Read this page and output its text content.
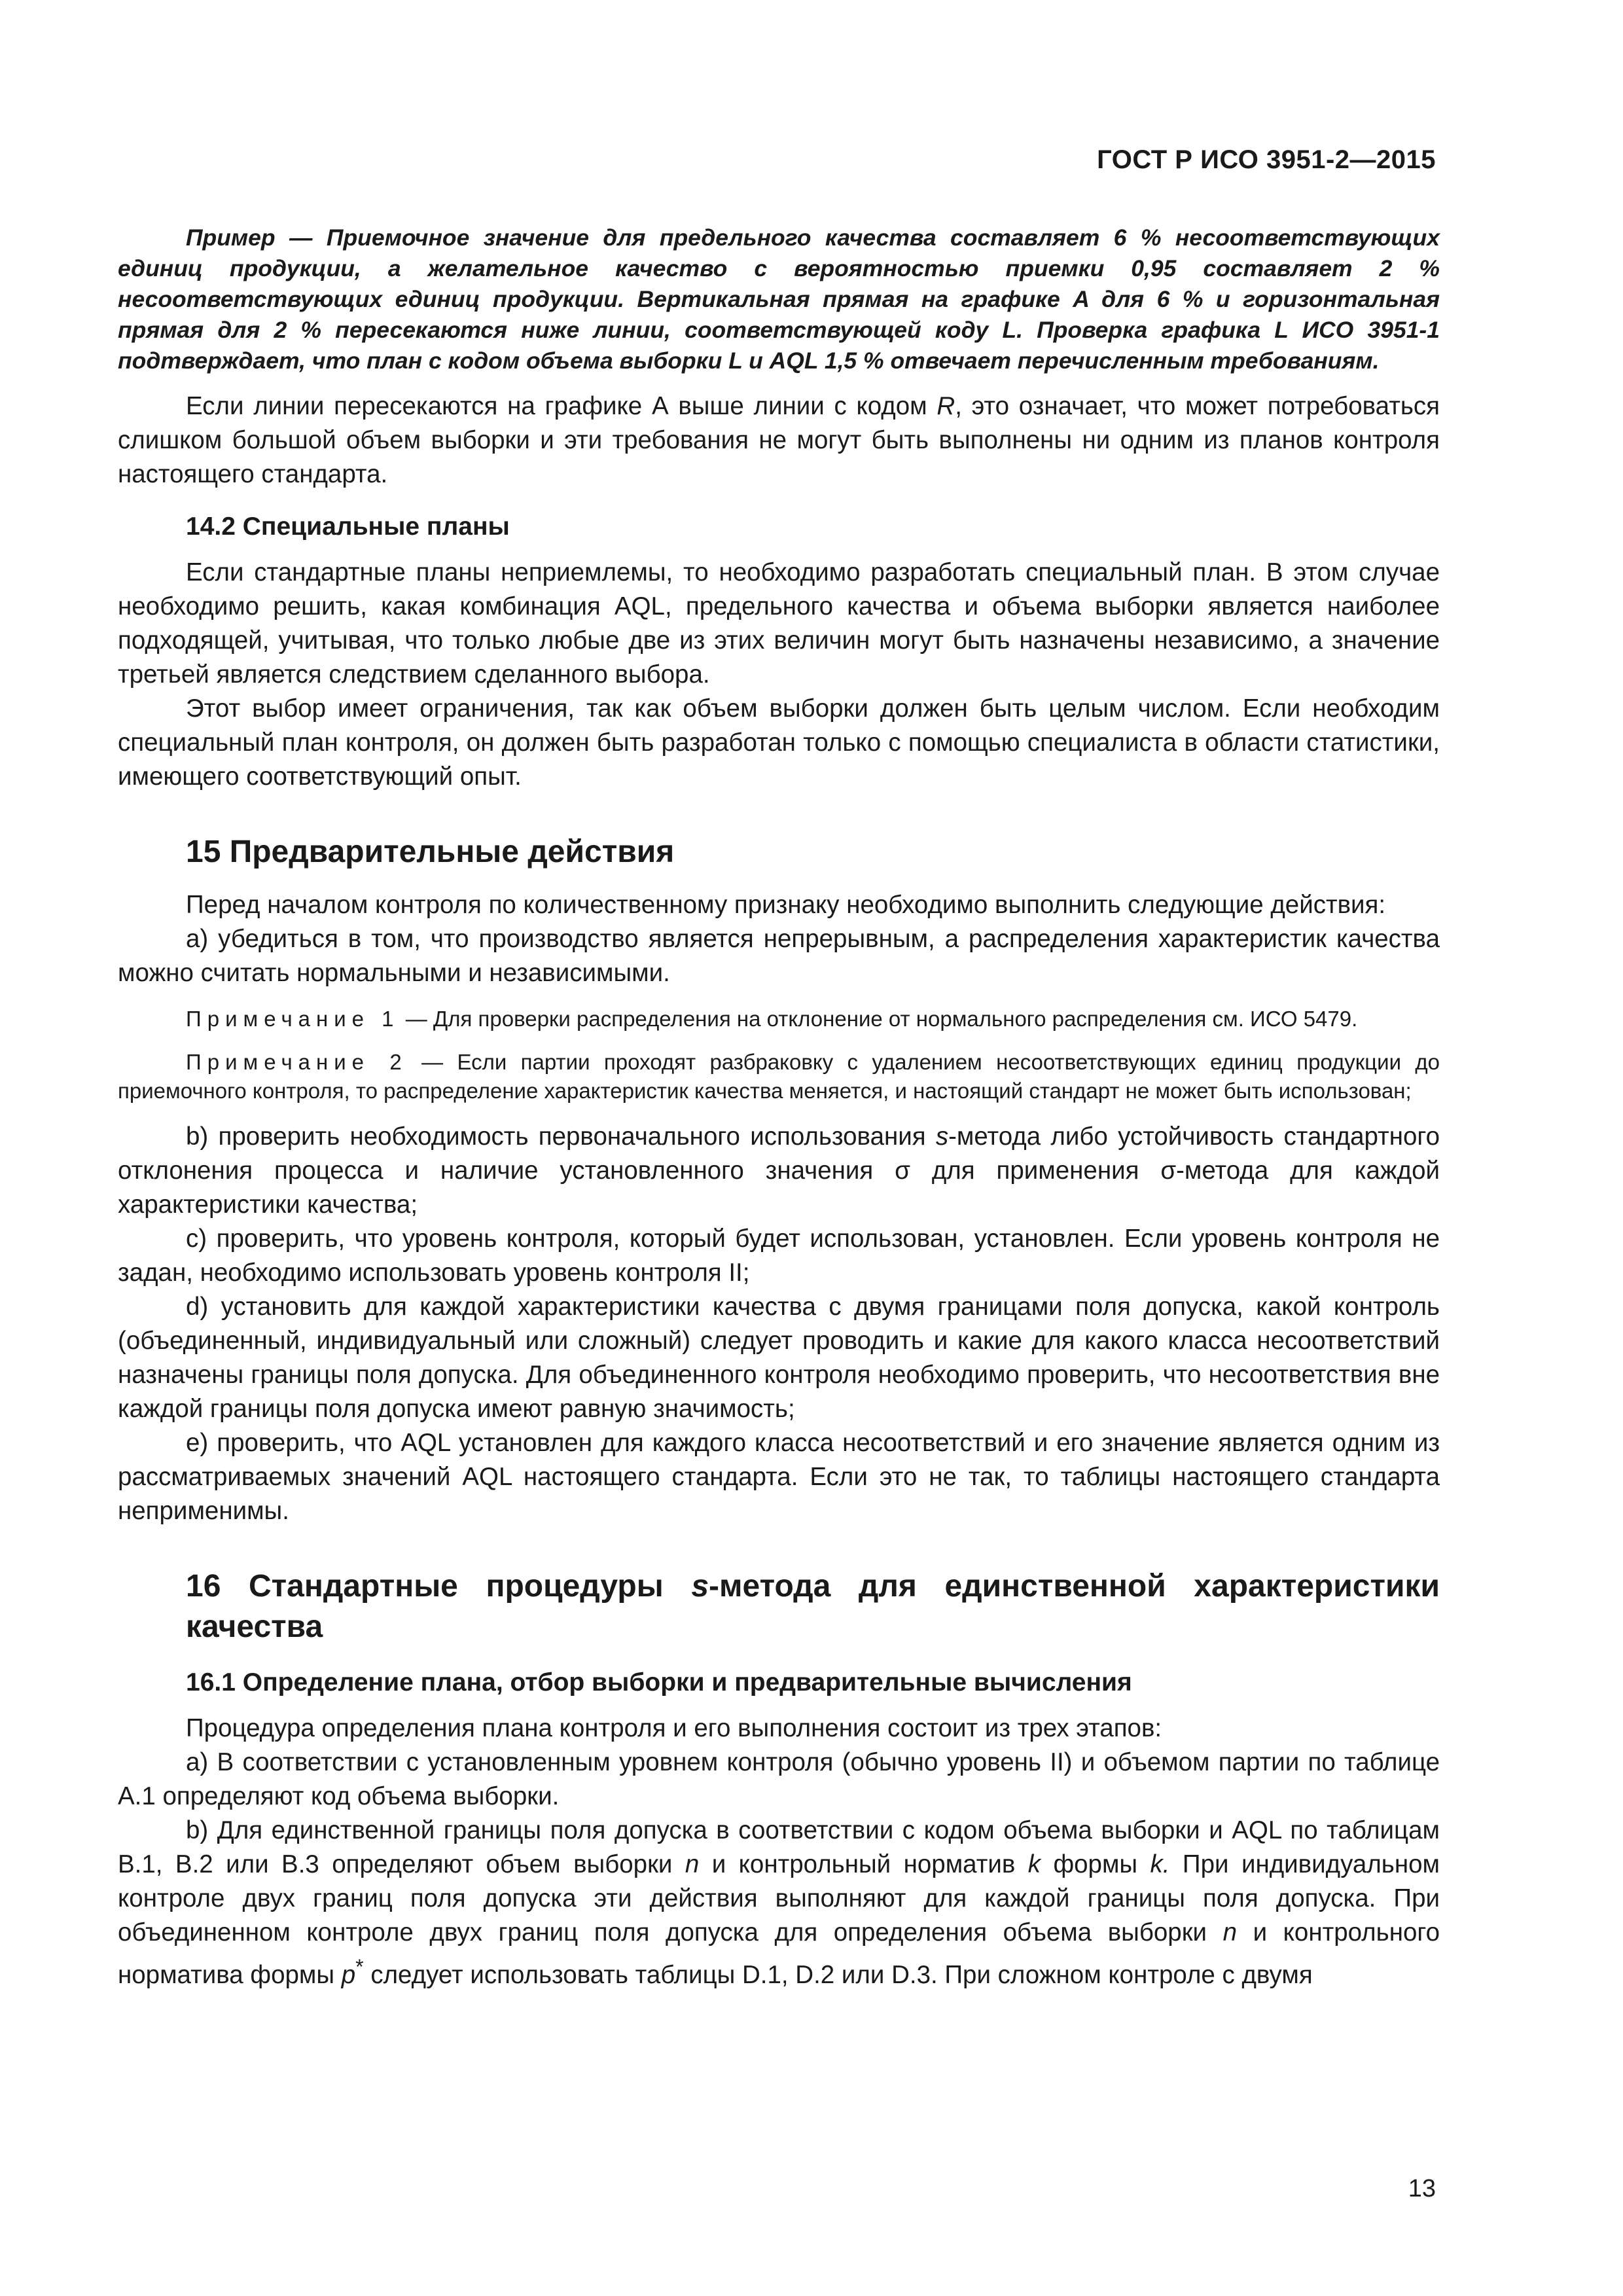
ГОСТ Р ИСО 3951-2—2015

Пример — Приемочное значение для предельного качества составляет 6 % несоответствующих единиц продукции, а желательное качество с вероятностью приемки 0,95 составляет 2 % несоответствующих единиц продукции. Вертикальная прямая на графике A для 6 % и горизонтальная прямая для 2 % пересекаются ниже линии, соответствующей коду L. Проверка графика L ИСО 3951-1 подтверждает, что план с кодом объема выборки L и AQL 1,5 % отвечает перечисленным требованиям.

Если линии пересекаются на графике А выше линии с кодом R, это означает, что может потребоваться слишком большой объем выборки и эти требования не могут быть выполнены ни одним из планов контроля настоящего стандарта.

14.2 Специальные планы

Если стандартные планы неприемлемы, то необходимо разработать специальный план. В этом случае необходимо решить, какая комбинация AQL, предельного качества и объема выборки является наиболее подходящей, учитывая, что только любые две из этих величин могут быть назначены независимо, а значение третьей является следствием сделанного выбора.

Этот выбор имеет ограничения, так как объем выборки должен быть целым числом. Если необходим специальный план контроля, он должен быть разработан только с помощью специалиста в области статистики, имеющего соответствующий опыт.

15 Предварительные действия

Перед началом контроля по количественному признаку необходимо выполнить следующие действия:

а) убедиться в том, что производство является непрерывным, а распределения характеристик качества можно считать нормальными и независимыми.

Примечание 1 — Для проверки распределения на отклонение от нормального распределения см. ИСО 5479.

Примечание 2 — Если партии проходят разбраковку с удалением несоответствующих единиц продукции до приемочного контроля, то распределение характеристик качества меняется, и настоящий стандарт не может быть использован;

b) проверить необходимость первоначального использования s-метода либо устойчивость стандартного отклонения процесса и наличие установленного значения σ для применения σ-метода для каждой характеристики качества;

c) проверить, что уровень контроля, который будет использован, установлен. Если уровень контроля не задан, необходимо использовать уровень контроля II;

d) установить для каждой характеристики качества с двумя границами поля допуска, какой контроль (объединенный, индивидуальный или сложный) следует проводить и какие для какого класса несоответствий назначены границы поля допуска. Для объединенного контроля необходимо проверить, что несоответствия вне каждой границы поля допуска имеют равную значимость;

e) проверить, что AQL установлен для каждого класса несоответствий и его значение является одним из рассматриваемых значений AQL настоящего стандарта. Если это не так, то таблицы настоящего стандарта неприменимы.

16 Стандартные процедуры s-метода для единственной характеристики качества

16.1 Определение плана, отбор выборки и предварительные вычисления

Процедура определения плана контроля и его выполнения состоит из трех этапов:

а) В соответствии с установленным уровнем контроля (обычно уровень II) и объемом партии по таблице А.1 определяют код объема выборки.

b) Для единственной границы поля допуска в соответствии с кодом объема выборки и AQL по таблицам В.1, В.2 или В.3 определяют объем выборки n и контрольный норматив k формы k. При индивидуальном контроле двух границ поля допуска эти действия выполняют для каждой границы поля допуска. При объединенном контроле двух границ поля допуска для определения объема выборки n и контрольного норматива формы p* следует использовать таблицы D.1, D.2 или D.3. При сложном контроле с двумя

13
